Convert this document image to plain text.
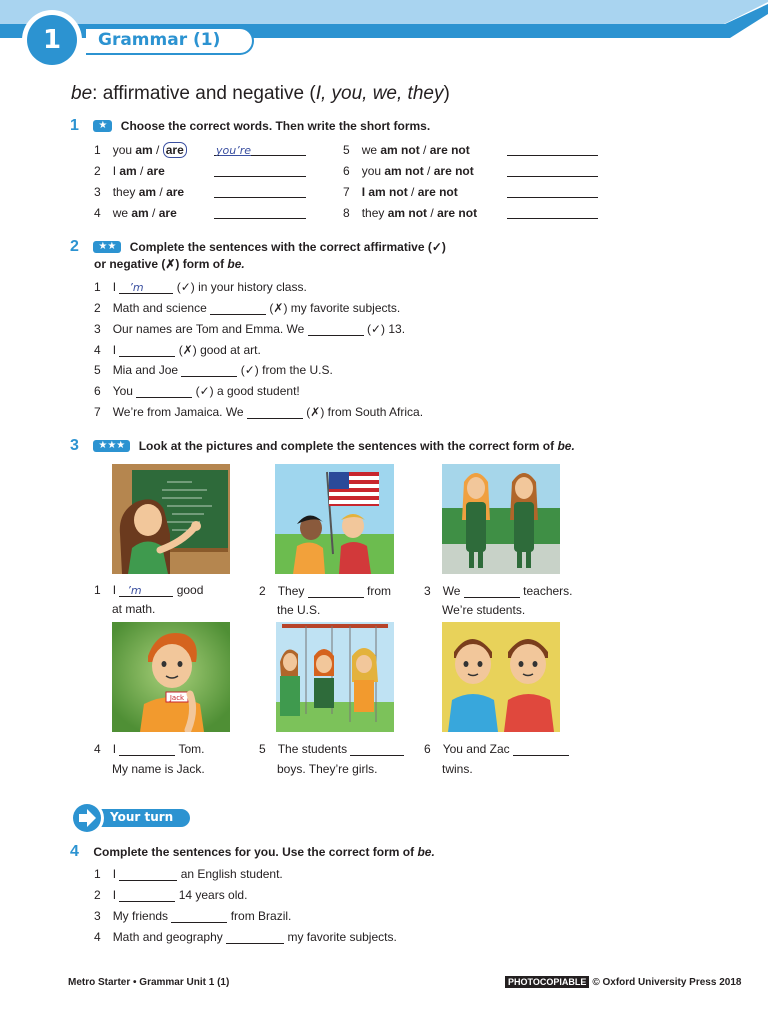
1	Grammar (1)
be: affirmative and negative (I, you, we, they)
1 ★ Choose the correct words. Then write the short forms.
1 you am / are	you’re
2 I am / are
3 they am / are
4 we am / are
5 we am not / are not
6 you am not / are not
7 I am not / are not
8 they am not / are not
2 ★★ Complete the sentences with the correct affirmative (✓)
or negative (✗) form of be.
1 I ’m (✓) in your history class.
2 Math and science	(✗) my favorite subjects.
3 Our names are Tom and Emma. We	(✓) 13.
4 I	(✗) good at art.
5 Mia and Joe	(✓) from the U.S.
6 You	(✓) a good student!
7 We’re from Jamaica. We	(✗) from South Africa.
3 ★★★ Look at the pictures and complete the sentences with the correct form of be.
1 I ’m	good
at math.
2 They	from
the U.S.
3 We	teachers.
We’re students.
Jack
4 I	Tom.
My name is Jack.
5 The students
boys. They’re girls.
6 You and Zac
twins.
Your turn
4 Complete the sentences for you. Use the correct form of be.
1 I	an English student.
2 I	14 years old.
3 My friends	from Brazil.
4 Math and geography	my favorite subjects.
Metro Starter • Grammar Unit 1 (1)	PHOTOCOPIABLE © Oxford University Press 2018
